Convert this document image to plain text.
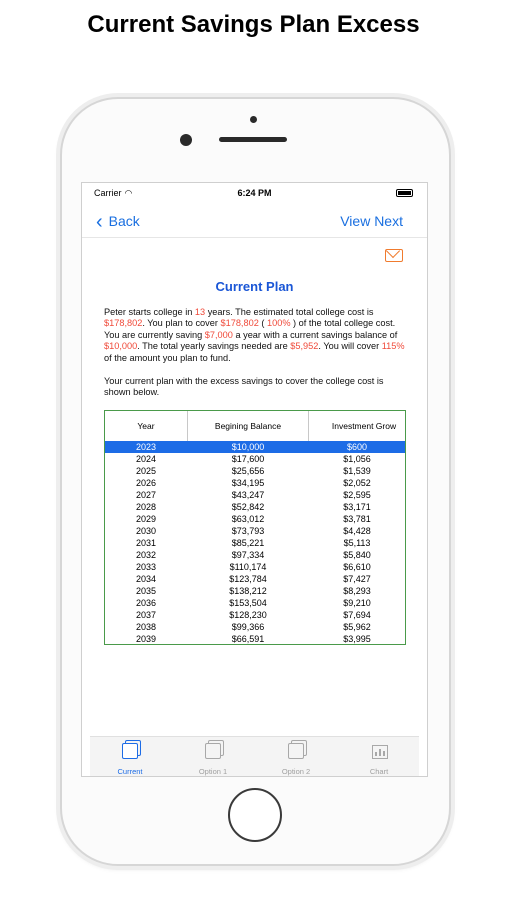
Current Savings Plan Excess
Carrier ◠	6:24 PM
‹ Back	View Next
Current Plan
Peter starts college in 13 years. The estimated total college cost is $178,802. You plan to cover $178,802 ( 100% ) of the total college cost. You are currently saving $7,000 a year with a current savings balance of $10,000. The total yearly savings needed are $5,952. You will cover 115% of the amount you plan to fund.
Your current plan with the excess savings to cover the college cost is shown below.
Year	Begining Balance	Investment Grow
2023	$10,000	$600
2024	$17,600	$1,056
2025	$25,656	$1,539
2026	$34,195	$2,052
2027	$43,247	$2,595
2028	$52,842	$3,171
2029	$63,012	$3,781
2030	$73,793	$4,428
2031	$85,221	$5,113
2032	$97,334	$5,840
2033	$110,174	$6,610
2034	$123,784	$7,427
2035	$138,212	$8,293
2036	$153,504	$9,210
2037	$128,230	$7,694
2038	$99,366	$5,962
2039	$66,591	$3,995
Current	Option 1	Option 2	Chart
